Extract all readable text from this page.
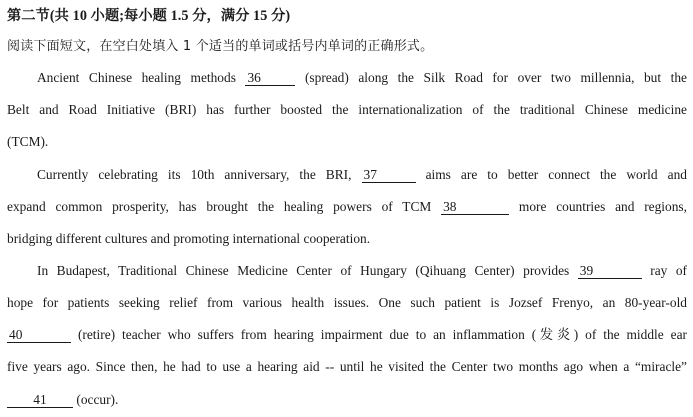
第二节(共 10 小题;每小题 1.5 分，满分 15 分)
阅读下面短文，在空白处填入 1 个适当的单词或括号内单词的正确形式。
Ancient Chinese healing methods 36	(spread) along the Silk Road for over two millennia, but the
Belt and Road Initiative (BRI) has further boosted the internationalization of the traditional Chinese medicine
(TCM).
Currently celebrating its 10th anniversary, the BRI, 37	aims are to better connect the world and
expand common prosperity, has brought the healing powers of TCM 38	more countries and regions,
bridging different cultures and promoting international cooperation.
In Budapest, Traditional Chinese Medicine Center of Hungary (Qihuang Center) provides 39	ray of
hope for patients seeking relief from various health issues. One such patient is Jozsef Frenyo, an 80-year-old
40	(retire) teacher who suffers from hearing impairment due to an inflammation (发炎) of the middle ear
five years ago. Since then, he had to use a hearing aid -- until he visited the Center two months ago when a “miracle”
41 (occur).
